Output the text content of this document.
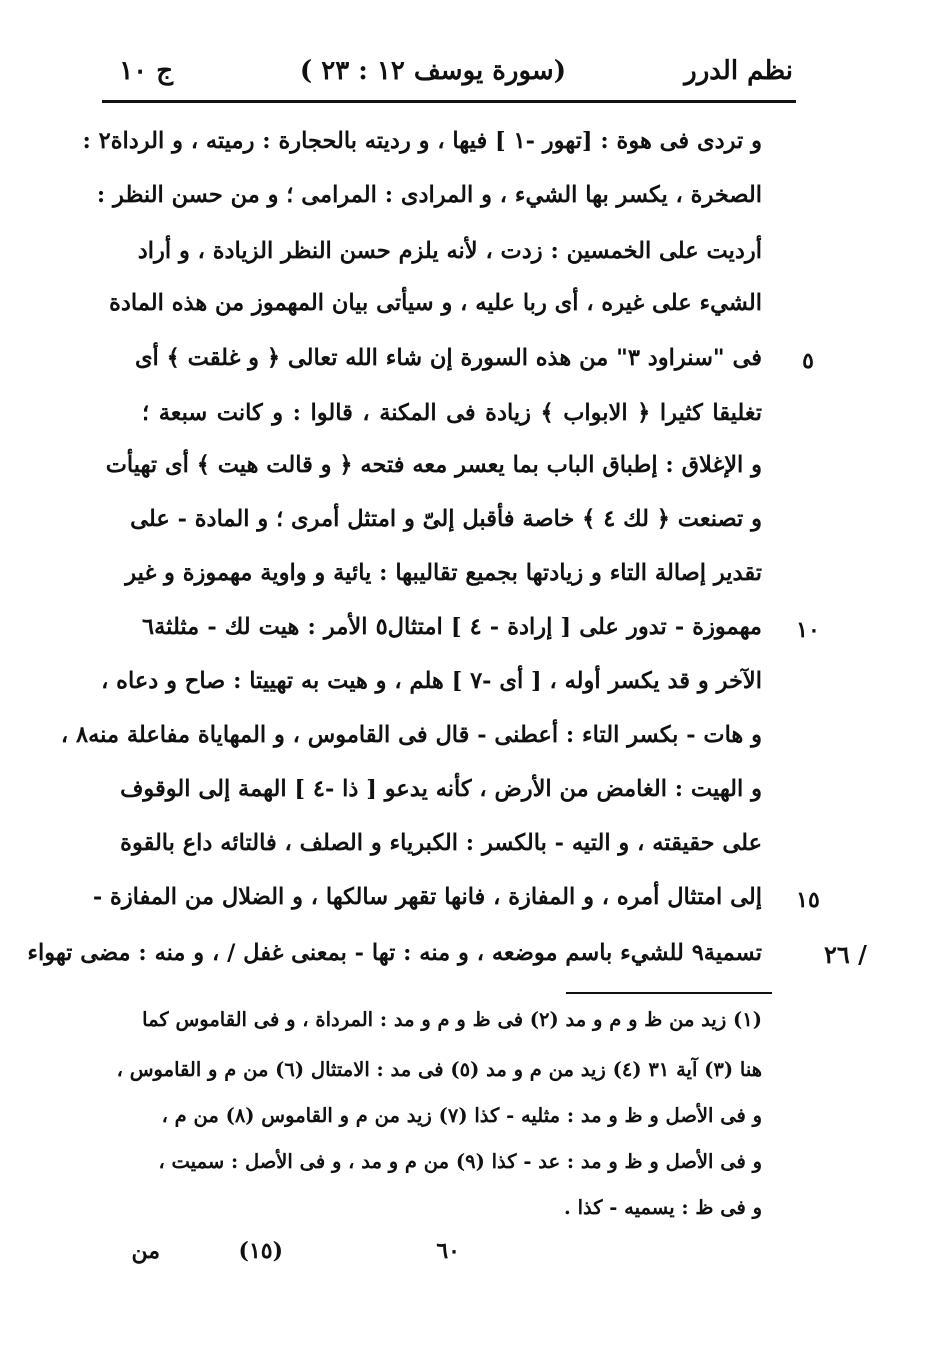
نظم الدرر
(سورة يوسف ١٢ : ٢٣ )
ج ١٠
و تردى فى هوة : [تهور -١ ] فيها ، و رديته بالحجارة : رميته ، و الرداة٢ :
الصخرة ، يكسر بها الشيء ، و المرادى : المرامى ؛ و من حسن النظر :
أرديت على الخمسين : زدت ، لأنه يلزم حسن النظر الزيادة ، و أراد
الشيء على غيره ، أى ربا عليه ، و سيأتى بيان المهموز من هذه المادة
فى "سنراود ٣" من هذه السورة إن شاء الله تعالى ﴿ و غلقت ﴾ أى
تغليقا كثيرا ﴿ الابواب ﴾ زيادة فى المكنة ، قالوا : و كانت سبعة ؛
و الإغلاق : إطباق الباب بما يعسر معه فتحه ﴿ و قالت هيت ﴾ أى تهيأت
و تصنعت ﴿ لك ٤ ﴾ خاصة فأقبل إلىّ و امتثل أمرى ؛ و المادة - على
تقدير إصالة التاء و زيادتها بجميع تقاليبها : يائية و واوية مهموزة و غير
مهموزة - تدور على [ إرادة - ٤ ] امتثال٥ الأمر : هيت لك - مثلثة٦
الآخر و قد يكسر أوله ، [ أى -٧ ] هلم ، و هيت به تهييتا : صاح و دعاه ،
و هات - بكسر التاء : أعطنى - قال فى القاموس ، و المهاياة مفاعلة منه٨ ،
و الهيت : الغامض من الأرض ، كأنه يدعو [ ذا -٤ ] الهمة إلى الوقوف
على حقيقته ، و التيه - بالكسر : الكبرياء و الصلف ، فالتائه داع بالقوة
إلى امتثال أمره ، و المفازة ، فانها تقهر سالكها ، و الضلال من المفازة -
تسمية٩ للشيء باسم موضعه ، و منه : تها - بمعنى غفل / ، و منه : مضى تهواء
٥
١٠
١٥
٢٦ /
(١) زيد من ظ و م و مد (٢) فى ظ و م و مد : المرداة ، و فى القاموس كما
هنا (٣) آية ٣١ (٤) زيد من م و مد (٥) فى مد : الامتثال (٦) من م و القاموس ،
و فى الأصل و ظ و مد : مثليه - كذا (٧) زيد من م و القاموس (٨) من م ،
و فى الأصل و ظ و مد : عد - كذا (٩) من م و مد ، و فى الأصل : سميت ،
و فى ظ : يسميه - كذا .
٦٠
(١٥)
من
